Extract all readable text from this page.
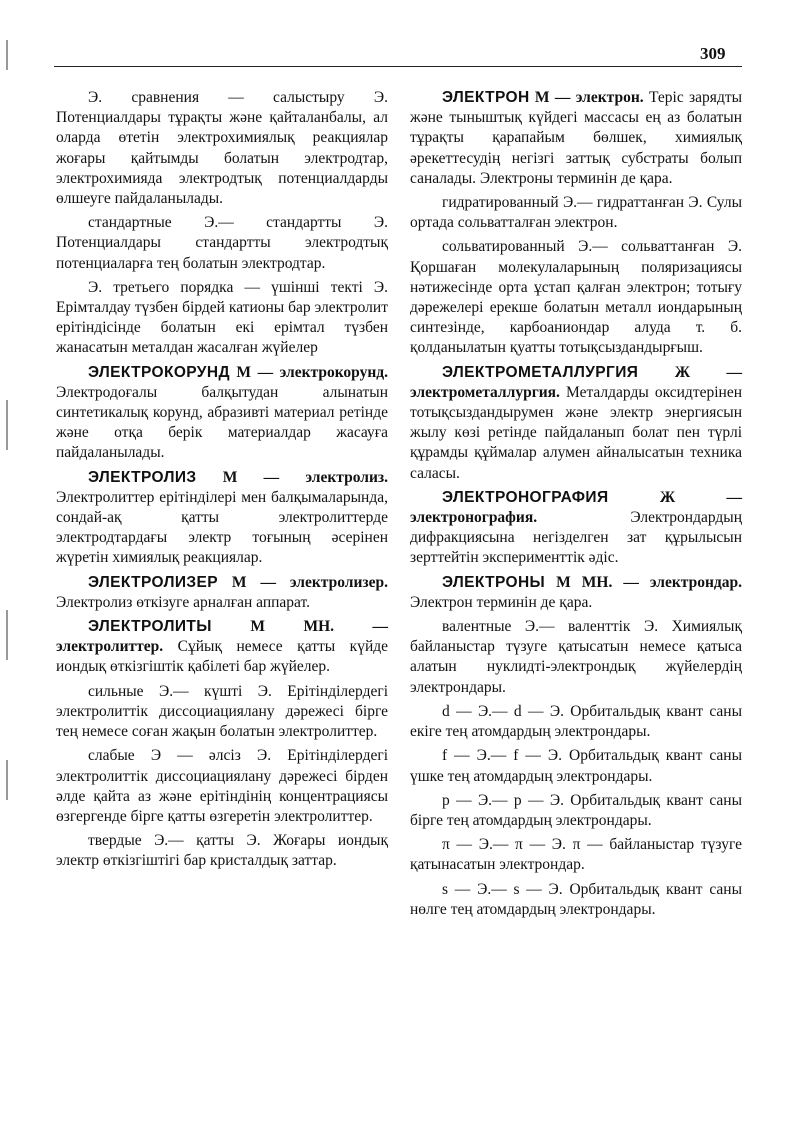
309

Э. сравнения — салыстыру Э. Потенциалдары тұрақты және қайталанбалы, ал оларда өтетін электрохимиялық реакциялар жоғары қайтымды болатын электродтар, электрохимияда электродтық потенциалдарды өлшеуге пайдаланылады.

стандартные Э.— стандартты Э. Потенциалдары стандартты электродтық потенциаларға тең болатын электродтар.

Э. третьего порядка — үшінші текті Э. Ерімталдау түзбен бірдей катионы бар электролит ерітіндісінде болатын екі ерімтал түзбен жанасатын металдан жасалған жүйелер

ЭЛЕКТРОКОРУНД М — электрокорунд. Электродоғалы балқытудан алынатын синтетикалық корунд, абразивті материал ретінде және отқа берік материалдар жасауға пайдаланылады.

ЭЛЕКТРОЛИЗ М — электролиз. Электролиттер ерітінділері мен балқымаларында, сондай-ақ қатты электролиттерде электродтардағы электр тоғының әсерінен жүретін химиялық реакциялар.

ЭЛЕКТРОЛИЗЕР М — электролизер. Электролиз өткізуге арналған аппарат.

ЭЛЕКТРОЛИТЫ М МН. — электролиттер. Сұйық немесе қатты күйде иондық өткізгіштік қабілеті бар жүйелер.

сильные Э.— күшті Э. Ерітінділердегі электролиттік диссоциациялану дәрежесі бірге тең немесе соған жақын болатын электролиттер.

слабые Э — әлсіз Э. Ерітінділердегі электролиттік диссоциациялану дәрежесі бірден әлде қайта аз және ерітіндінің концентрациясы өзгергенде бірге қатты өзгеретін электролиттер.

твердые Э.— қатты Э. Жоғары иондық электр өткізгіштігі бар кристалдық заттар.

ЭЛЕКТРОН М — электрон. Теріс зарядты және тыныштық күйдегі массасы ең аз болатын тұрақты қарапайым бөлшек, химиялық әрекеттесудің негізгі заттық субстраты болып саналады. Электроны терминін де қара.

гидратированный Э.— гидраттанған Э. Сулы ортада сольватталған электрон.

сольватированный Э.— сольваттанған Э. Қоршаған молекулаларының поляризациясы нәтижесінде орта ұстап қалған электрон; тотығу дәрежелері ерекше болатын металл иондарының синтезінде, карбоаниондар алуда т. б. қолданылатын қуатты тотықсыздандырғыш.

ЭЛЕКТРОМЕТАЛЛУРГИЯ Ж — электрометаллургия. Металдарды оксидтерінен тотықсыздандырумен және электр энергиясын жылу көзі ретінде пайдаланып болат пен түрлі құрамды құймалар алумен айналысатын техника саласы.

ЭЛЕКТРОНОГРАФИЯ	Ж — электронография.	Электрондардың дифракциясына негізделген зат құрылысын зерттейтін эксперименттік әдіс.

ЭЛЕКТРОНЫ М МН. — электрондар. Электрон терминін де қара.

валентные Э.— валенттік Э. Химиялық байланыстар түзуге қатысатын немесе қатыса алатын нуклидті-электрондық жүйелердің электрондары.

d — Э.— d — Э. Орбитальдық квант саны екіге тең атомдардың электрондары.

f — Э.— f — Э. Орбитальдық квант саны үшке тең атомдардың электрондары.

p — Э.— p — Э. Орбитальдық квант саны бірге тең атомдардың электрондары.

π — Э.— π — Э. π — байланыстар түзуге қатынасатын электрондар.

s — Э.— s — Э. Орбитальдық квант саны нөлге тең атомдардың электрондары.
